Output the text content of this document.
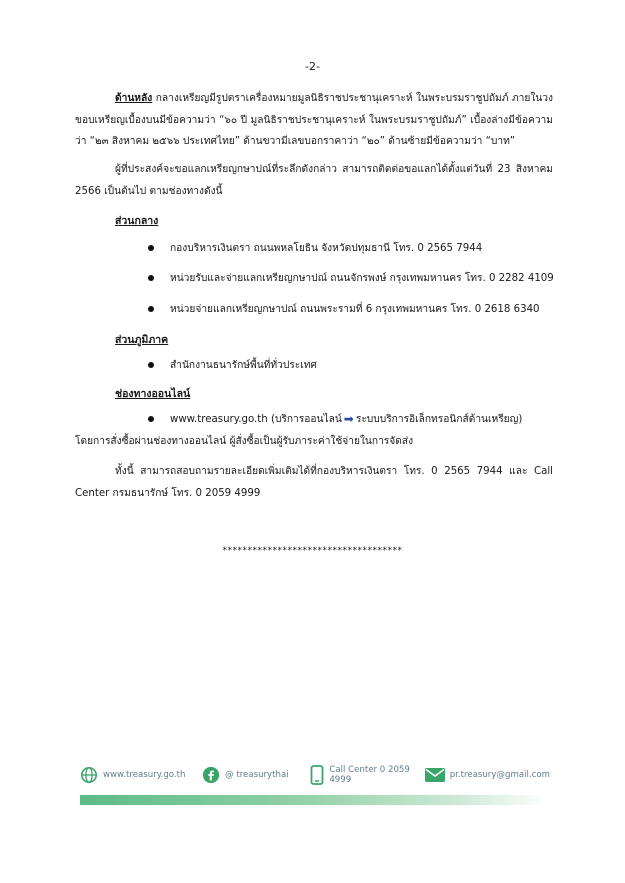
-2-
ด้านหลัง กลางเหรียญมีรูปตราเครื่องหมายมูลนิธิราชประชานุเคราะห์ ในพระบรมราชูปถัมภ์ ภายในวงขอบเหรียญเบื้องบนมีข้อความว่า “๖๐ ปี มูลนิธิราชประชานุเคราะห์ ในพระบรมราชูปถัมภ์” เบื้องล่างมีข้อความว่า “๒๓ สิงหาคม ๒๕๖๖ ประเทศไทย” ด้านขวามีเลขบอกราคาว่า “๒๐” ด้านซ้ายมีข้อความว่า “บาท”
ผู้ที่ประสงค์จะขอแลกเหรียญกษาปณ์ที่ระลึกดังกล่าว สามารถติดต่อขอแลกได้ตั้งแต่วันที่ 23 สิงหาคม 2566 เป็นต้นไป ตามช่องทางดังนี้
ส่วนกลาง
กองบริหารเงินตรา ถนนพหลโยธิน จังหวัดปทุมธานี โทร. 0 2565 7944
หน่วยรับและจ่ายแลกเหรียญกษาปณ์ ถนนจักรพงษ์ กรุงเทพมหานคร โทร. 0 2282 4109
หน่วยจ่ายแลกเหรียญกษาปณ์ ถนนพระรามที่ 6 กรุงเทพมหานคร โทร. 0 2618 6340
ส่วนภูมิภาค
สำนักงานธนารักษ์พื้นที่ทั่วประเทศ
ช่องทางออนไลน์
www.treasury.go.th (บริการออนไลน์ ➡ ระบบบริการอิเล็กทรอนิกส์ด้านเหรียญ)
โดยการสั่งซื้อผ่านช่องทางออนไลน์ ผู้สั่งซื้อเป็นผู้รับภาระค่าใช้จ่ายในการจัดส่ง
ทั้งนี้ สามารถสอบถามรายละเอียดเพิ่มเติมได้ที่กองบริหารเงินตรา โทร. 0 2565 7944 และ Call Center กรมธนารักษ์ โทร. 0 2059 4999
************************************
www.treasury.go.th	@ treasurythai	Call Center 0 2059 4999	pr.treasury@gmail.com
